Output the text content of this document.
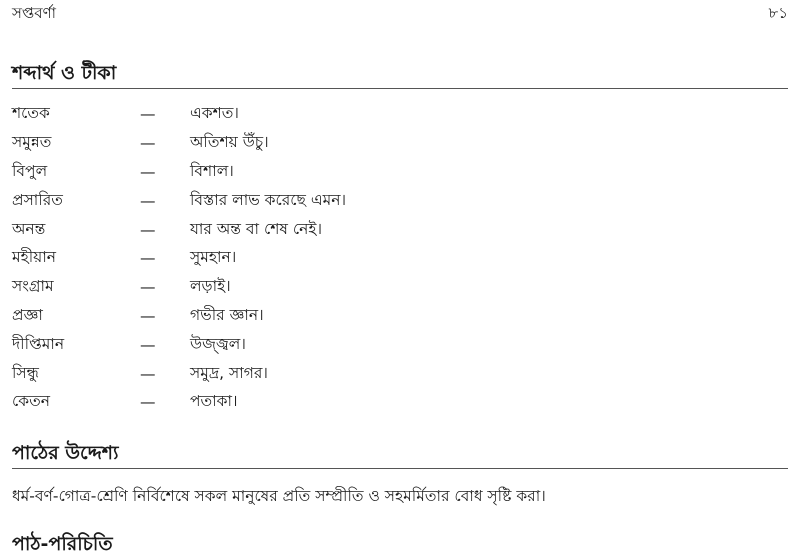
সপ্তবর্ণা	৮১
শব্দার্থ ও টীকা
শতেক	—	একশত।
সমুন্নত	—	অতিশয় উঁচু।
বিপুল	—	বিশাল।
প্রসারিত	—	বিস্তার লাভ করেছে এমন।
অনন্ত	—	যার অন্ত বা শেষ নেই।
মহীয়ান	—	সুমহান।
সংগ্রাম	—	লড়াই।
প্রজ্ঞা	—	গভীর জ্ঞান।
দীপ্তিমান	—	উজ্জ্বল।
সিন্ধু	—	সমুদ্র, সাগর।
কেতন	—	পতাকা।
পাঠের উদ্দেশ্য
ধর্ম-বর্ণ-গোত্র-শ্রেণি নির্বিশেষে সকল মানুষের প্রতি সম্প্রীতি ও সহমর্মিতার বোধ সৃষ্টি করা।
পাঠ-পরিচিতি
